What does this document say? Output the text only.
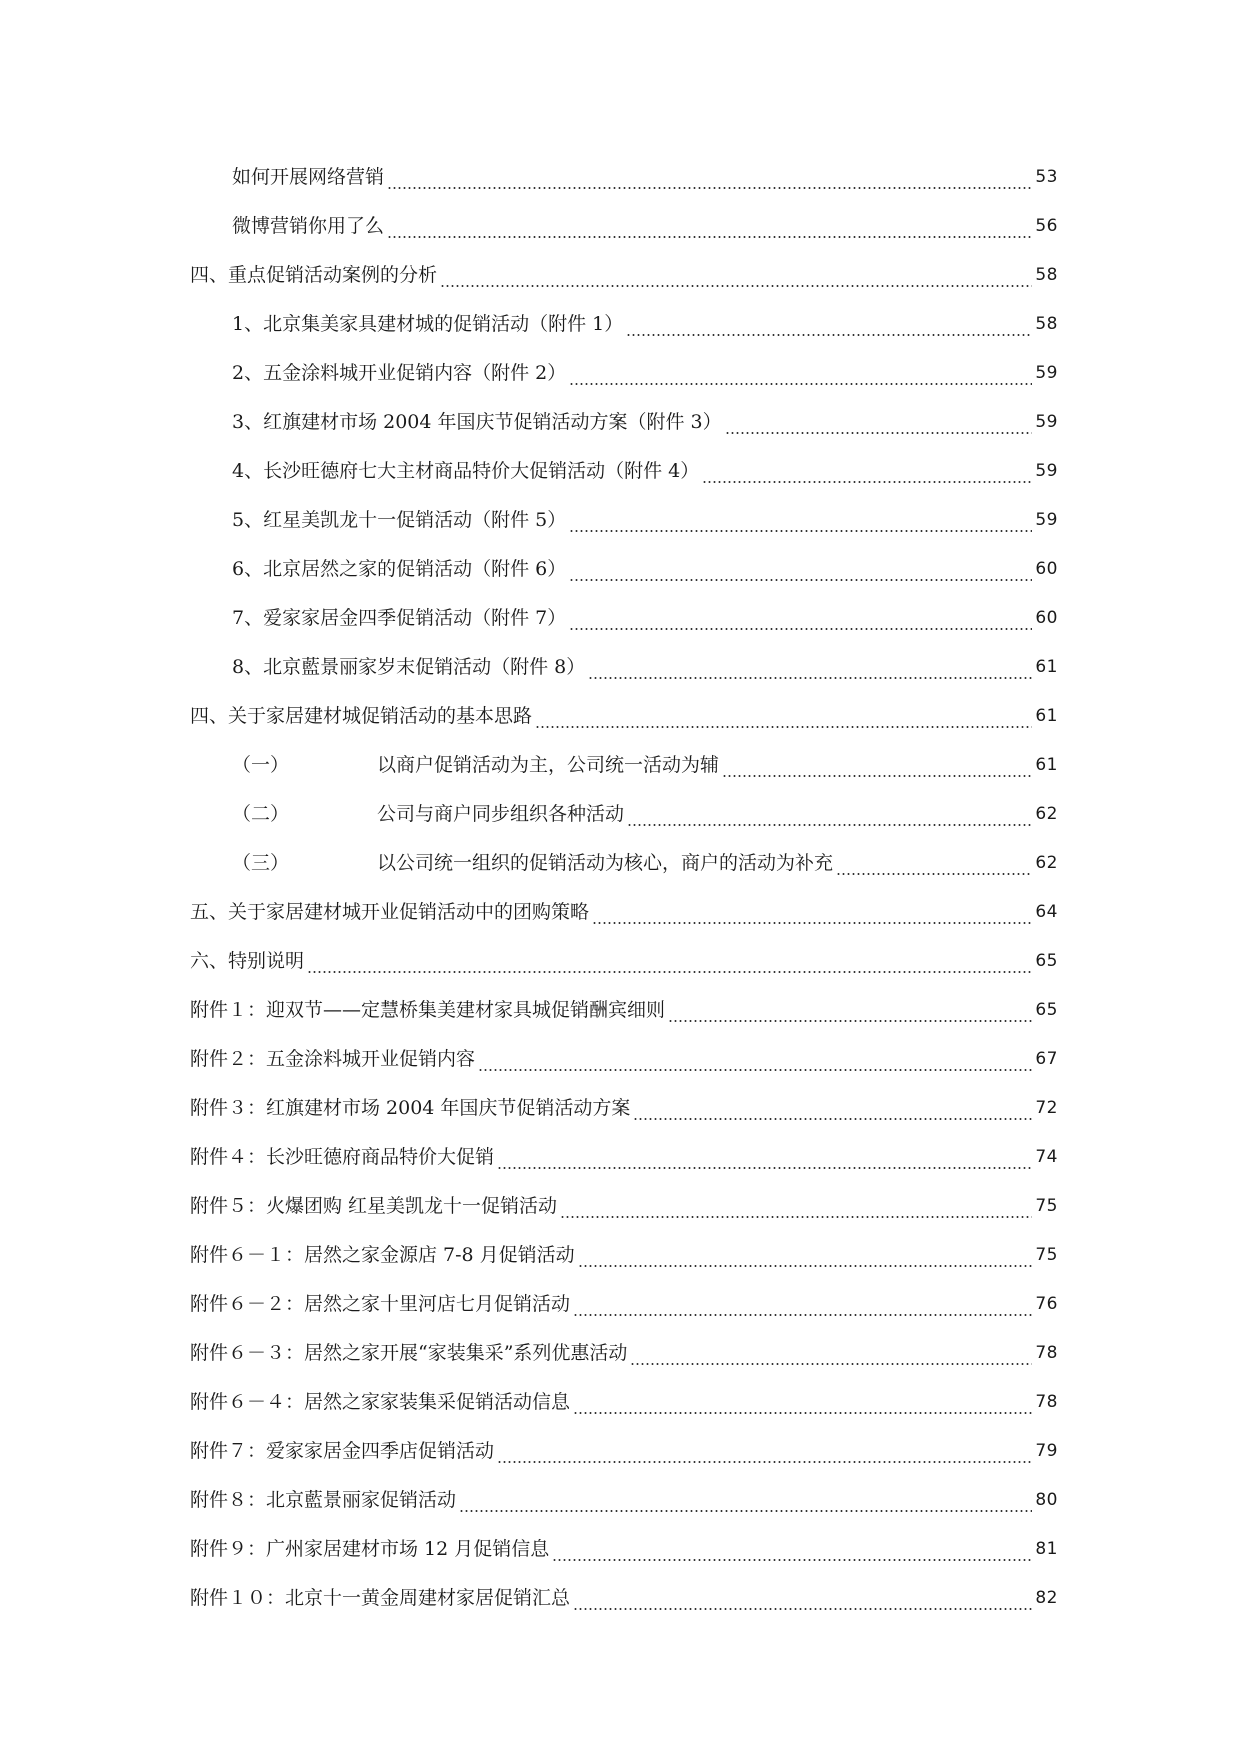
如何开展网络营销	53
微博营销你用了么	56
四、重点促销活动案例的分析	58
1、北京集美家具建材城的促销活动（附件 1）	58
2、五金涂料城开业促销内容（附件 2）	59
3、红旗建材市场 2004 年国庆节促销活动方案（附件 3）	59
4、长沙旺德府七大主材商品特价大促销活动（附件 4）	59
5、红星美凯龙十一促销活动（附件 5）	59
6、北京居然之家的促销活动（附件 6）	60
7、爱家家居金四季促销活动（附件 7）	60
8、北京藍景丽家岁末促销活动（附件 8）	61
四、关于家居建材城促销活动的基本思路	61
（一）	以商户促销活动为主，公司统一活动为辅	61
（二）	公司与商户同步组织各种活动	62
（三）	以公司统一组织的促销活动为核心，商户的活动为补充	62
五、关于家居建材城开业促销活动中的团购策略	64
六、特别说明	65
附件１：迎双节——定慧桥集美建材家具城促销酬宾细则	65
附件２：五金涂料城开业促销内容	67
附件３：红旗建材市场 2004 年国庆节促销活动方案	72
附件４：长沙旺德府商品特价大促销	74
附件５：火爆团购 红星美凯龙十一促销活动	75
附件６－１：居然之家金源店 7-8 月促销活动	75
附件６－２：居然之家十里河店七月促销活动	76
附件６－３：居然之家开展“家装集采”系列优惠活动	78
附件６－４：居然之家家装集采促销活动信息	78
附件７：爱家家居金四季店促销活动	79
附件８：北京藍景丽家促销活动	80
附件９：广州家居建材市场 12 月促销信息	81
附件１０：北京十一黄金周建材家居促销汇总	82
